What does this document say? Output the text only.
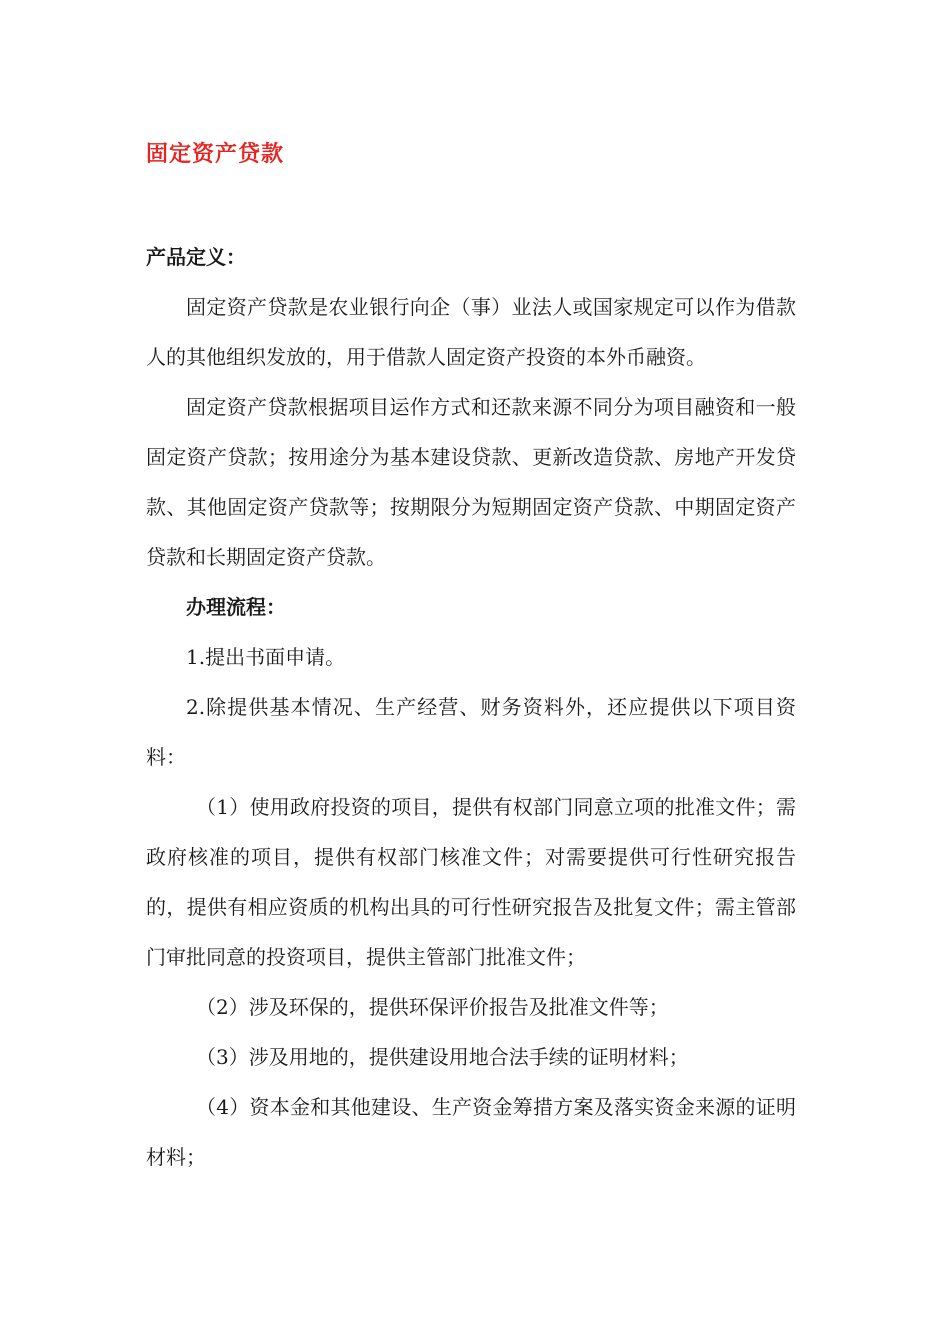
固定资产贷款

产品定义：

固定资产贷款是农业银行向企（事）业法人或国家规定可以作为借款人的其他组织发放的，用于借款人固定资产投资的本外币融资。

固定资产贷款根据项目运作方式和还款来源不同分为项目融资和一般固定资产贷款；按用途分为基本建设贷款、更新改造贷款、房地产开发贷款、其他固定资产贷款等；按期限分为短期固定资产贷款、中期固定资产贷款和长期固定资产贷款。

办理流程：

1.提出书面申请。

2.除提供基本情况、生产经营、财务资料外，还应提供以下项目资料：

（1）使用政府投资的项目，提供有权部门同意立项的批准文件；需政府核准的项目，提供有权部门核准文件；对需要提供可行性研究报告的，提供有相应资质的机构出具的可行性研究报告及批复文件；需主管部门审批同意的投资项目，提供主管部门批准文件；

（2）涉及环保的，提供环保评价报告及批准文件等；

（3）涉及用地的，提供建设用地合法手续的证明材料；

（4）资本金和其他建设、生产资金筹措方案及落实资金来源的证明材料；
